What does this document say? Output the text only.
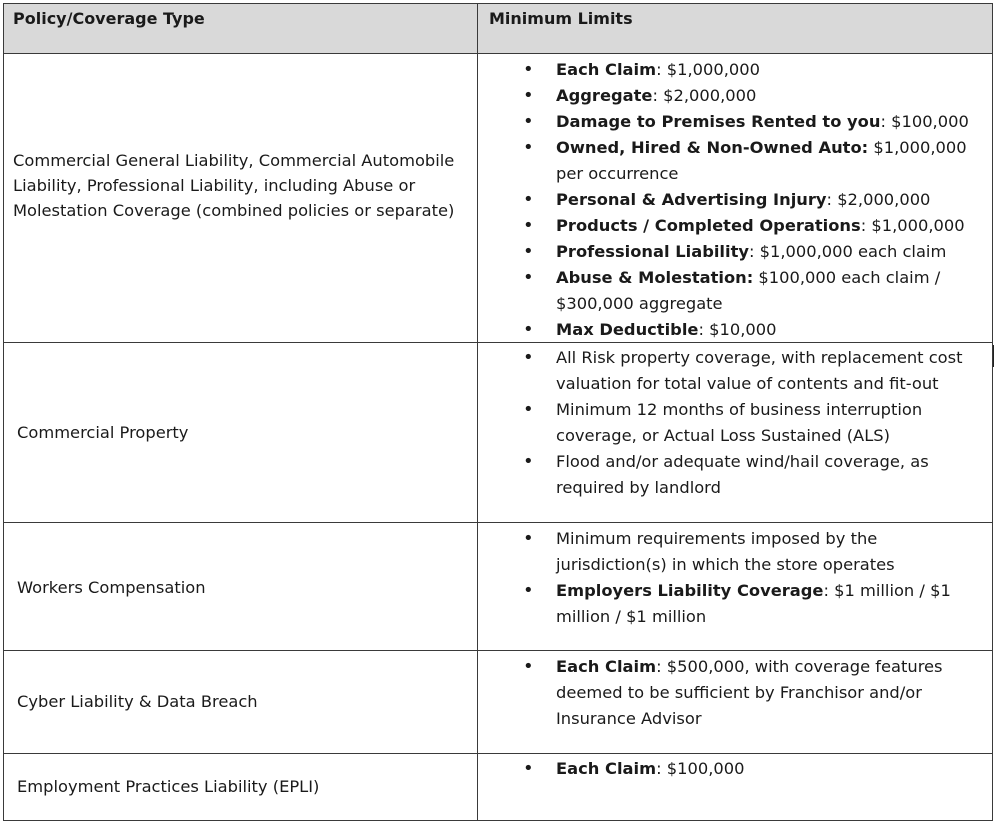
Policy/Coverage Type	Minimum Limits
Commercial General Liability, Commercial Automobile Liability, Professional Liability, including Abuse or Molestation Coverage (combined policies or separate)
• Each Claim: $1,000,000
• Aggregate: $2,000,000
• Damage to Premises Rented to you: $100,000
• Owned, Hired & Non-Owned Auto: $1,000,000 per occurrence
• Personal & Advertising Injury: $2,000,000
• Products / Completed Operations: $1,000,000
• Professional Liability: $1,000,000 each claim
• Abuse & Molestation: $100,000 each claim / $300,000 aggregate
• Max Deductible: $10,000
Commercial Property
• All Risk property coverage, with replacement cost valuation for total value of contents and fit-out
• Minimum 12 months of business interruption coverage, or Actual Loss Sustained (ALS)
• Flood and/or adequate wind/hail coverage, as required by landlord
Workers Compensation
• Minimum requirements imposed by the jurisdiction(s) in which the store operates
• Employers Liability Coverage: $1 million / $1 million / $1 million
Cyber Liability & Data Breach
• Each Claim: $500,000, with coverage features deemed to be sufficient by Franchisor and/or Insurance Advisor
Employment Practices Liability (EPLI)
• Each Claim: $100,000
